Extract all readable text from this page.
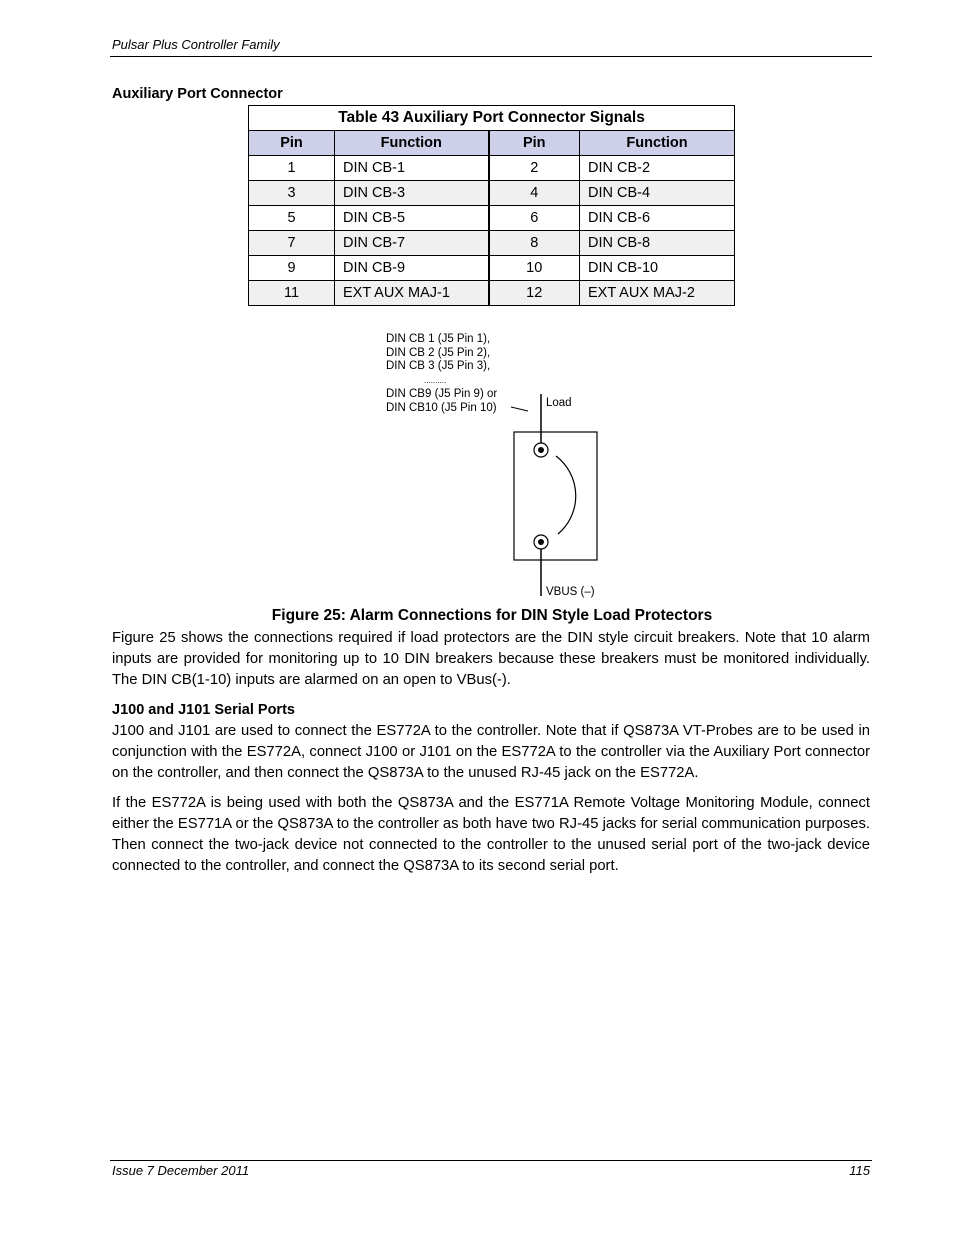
Pulsar Plus Controller Family
Auxiliary Port Connector
Table 43 Auxiliary Port Connector Signals			
Pin	Function	Pin	Function
1	DIN CB-1	2	DIN CB-2
3	DIN CB-3	4	DIN CB-4
5	DIN CB-5	6	DIN CB-6
7	DIN CB-7	8	DIN CB-8
9	DIN CB-9	10	DIN CB-10
11	EXT AUX MAJ-1	12	EXT AUX MAJ-2
DIN CB 1 (J5 Pin 1),
DIN CB 2 (J5 Pin 2),
DIN CB 3 (J5 Pin 3),
..........
DIN CB9 (J5 Pin 9) or
DIN CB10 (J5 Pin 10)	Load
VBUS (–)
Figure 25: Alarm Connections for DIN Style Load Protectors

Figure 25 shows the connections required if load protectors are the DIN style circuit breakers. Note that 10 alarm inputs are provided for monitoring up to 10 DIN breakers because these breakers must be monitored individually. The DIN CB(1-10) inputs are alarmed on an open to VBus(-).

J100 and J101 Serial Ports

J100 and J101 are used to connect the ES772A to the controller. Note that if QS873A VT-Probes are to be used in conjunction with the ES772A, connect J100 or J101 on the ES772A to the controller via the Auxiliary Port connector on the controller, and then connect the QS873A to the unused RJ-45 jack on the ES772A.

If the ES772A is being used with both the QS873A and the ES771A Remote Voltage Monitoring Module, connect either the ES771A or the QS873A to the controller as both have two RJ-45 jacks for serial communication purposes. Then connect the two-jack device not connected to the controller to the unused serial port of the two-jack device connected to the controller, and connect the QS873A to its second serial port.

Issue 7 December 2011	115
